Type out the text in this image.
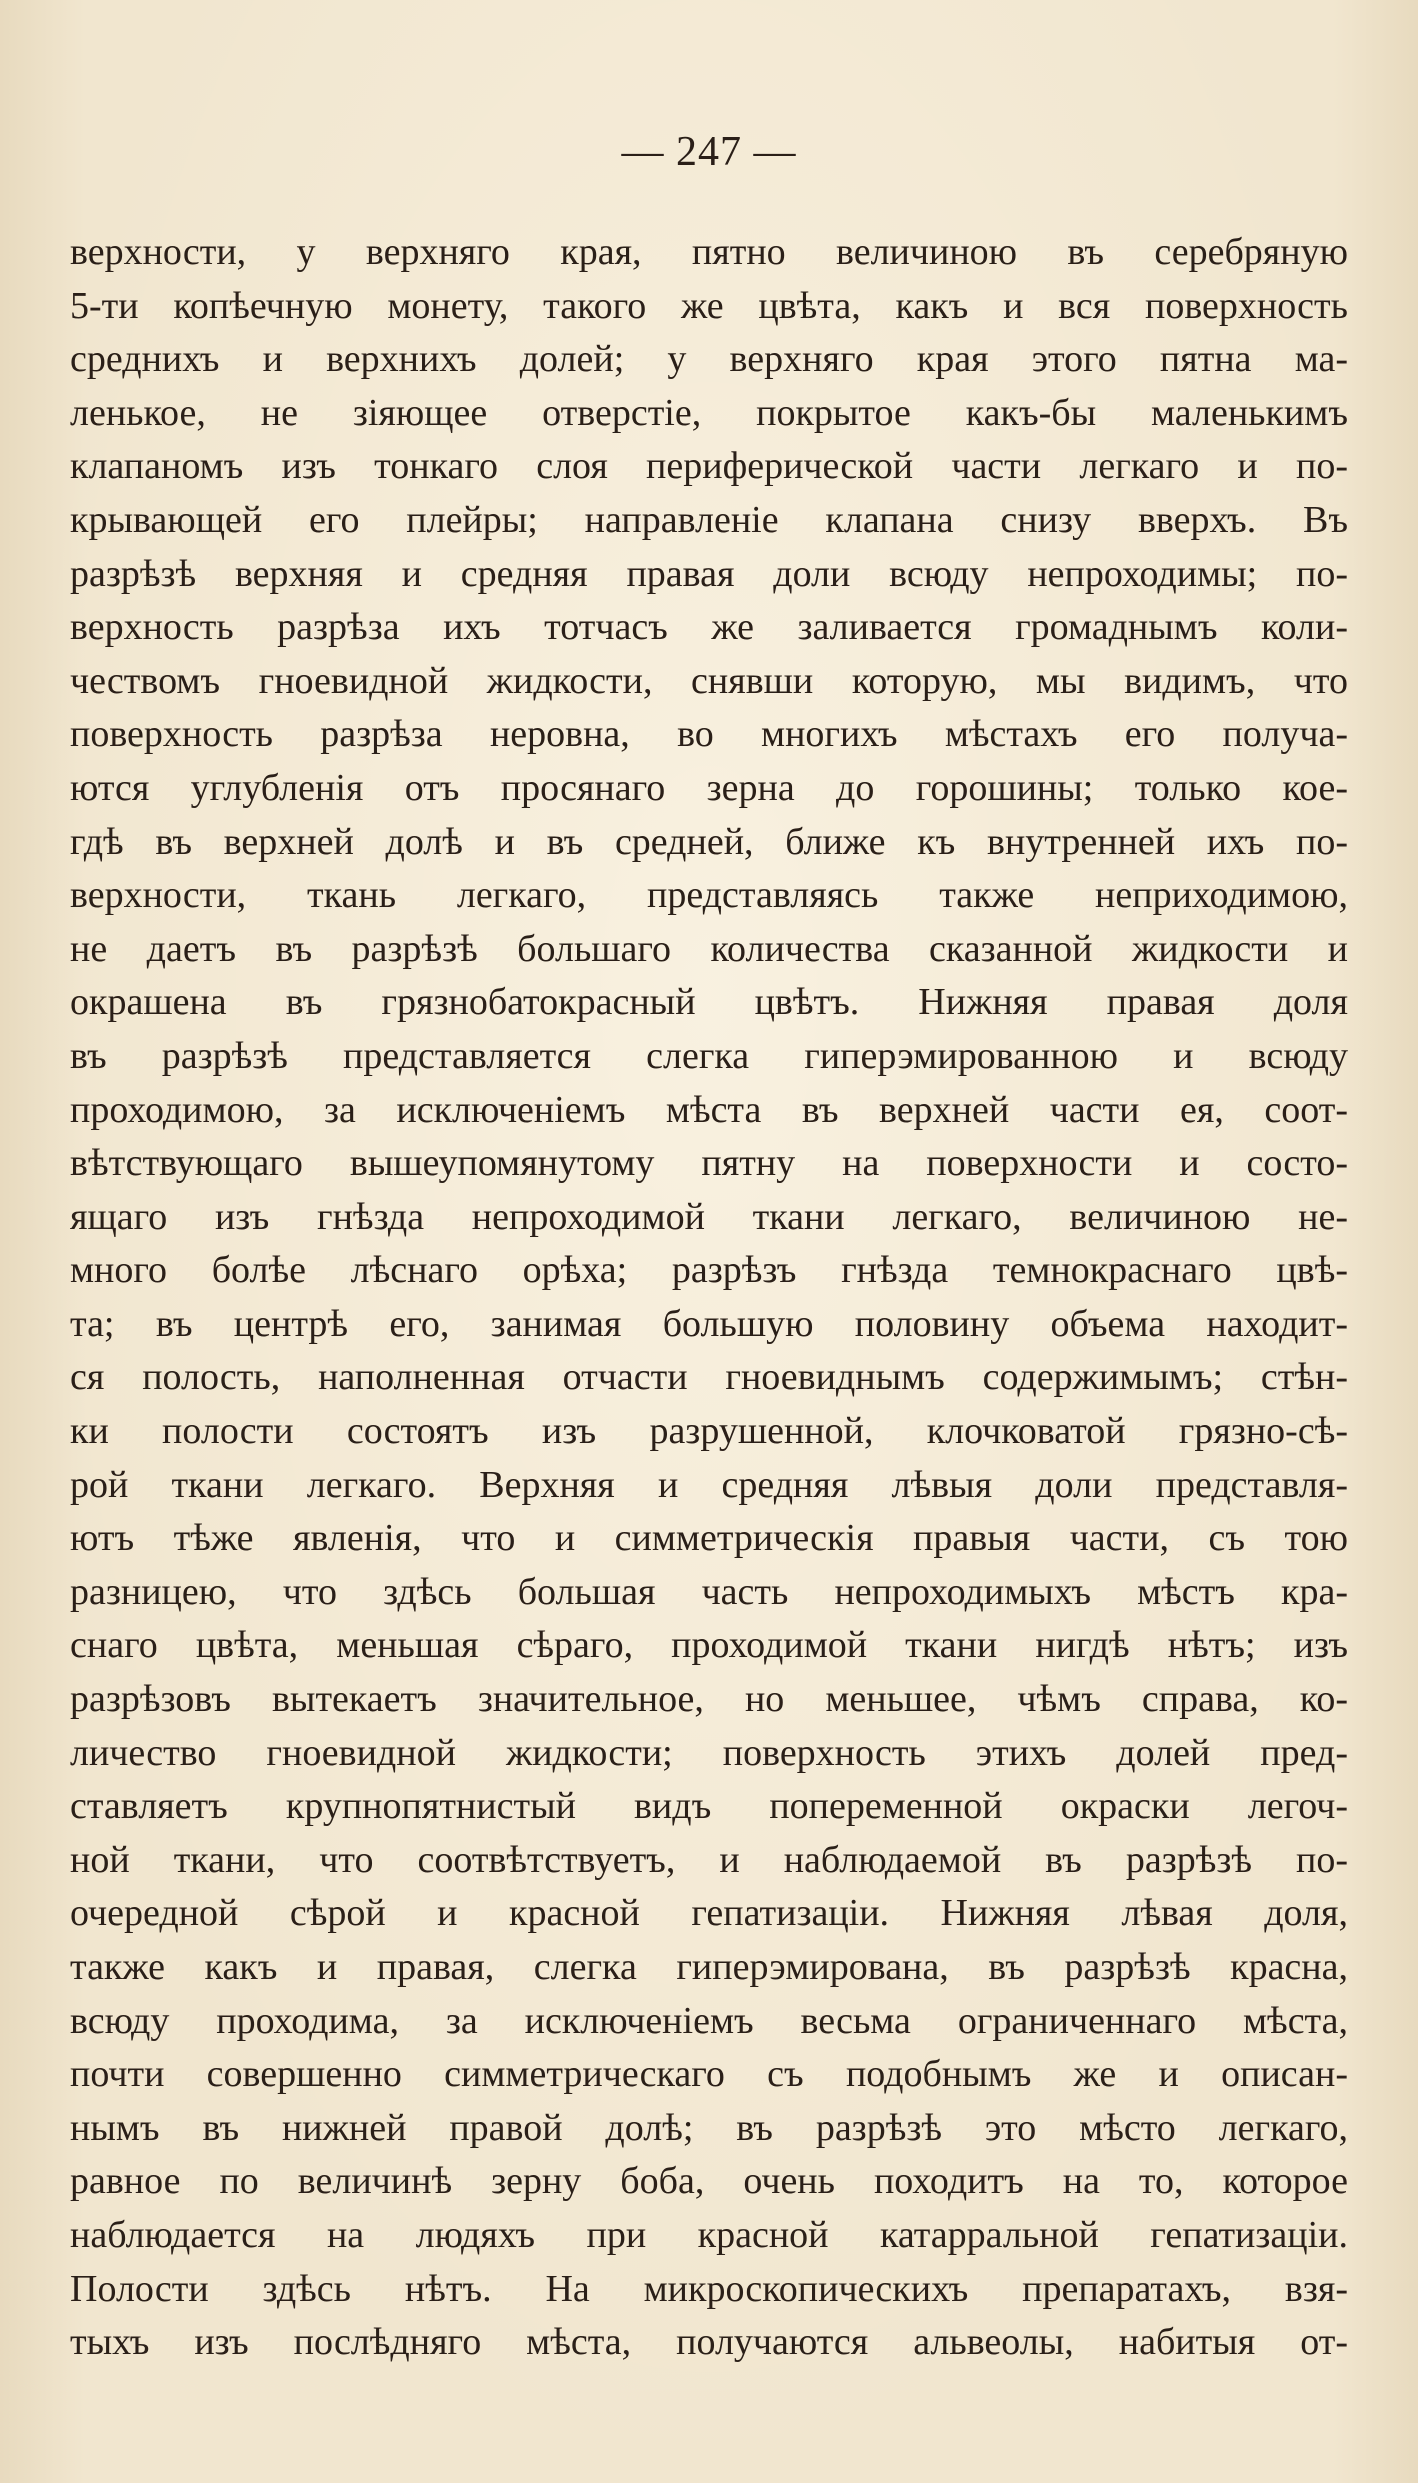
— 247 —
верхности, у верхняго края, пятно величиною въ серебряную
5-ти копѣечную монету, такого же цвѣта, какъ и вся поверхность
среднихъ и верхнихъ долей; у верхняго края этого пятна ма-
ленькое, не зіяющее отверстіе, покрытое какъ-бы маленькимъ
клапаномъ изъ тонкаго слоя периферической части легкаго и по-
крывающей его плейры; направленіе клапана снизу вверхъ. Въ
разрѣзѣ верхняя и средняя правая доли всюду непроходимы; по-
верхность разрѣза ихъ тотчасъ же заливается громаднымъ коли-
чествомъ гноевидной жидкости, снявши которую, мы видимъ, что
поверхность разрѣза неровна, во многихъ мѣстахъ его получа-
ются углубленія отъ просянаго зерна до горошины; только кое-
гдѣ въ верхней долѣ и въ средней, ближе къ внутренней ихъ по-
верхности, ткань легкаго, представляясь также неприходимою,
не даетъ въ разрѣзѣ большаго количества сказанной жидкости и
окрашена въ грязнобатокрасный цвѣтъ. Нижняя правая доля
въ разрѣзѣ представляется слегка гиперэмированною и всюду
проходимою, за исключеніемъ мѣста въ верхней части ея, соот-
вѣтствующаго вышеупомянутому пятну на поверхности и состо-
ящаго изъ гнѣзда непроходимой ткани легкаго, величиною не-
много болѣе лѣснаго орѣха; разрѣзъ гнѣзда темнокраснаго цвѣ-
та; въ центрѣ его, занимая большую половину объема находит-
ся полость, наполненная отчасти гноевиднымъ содержимымъ; стѣн-
ки полости состоятъ изъ разрушенной, клочковатой грязно-сѣ-
рой ткани легкаго. Верхняя и средняя лѣвыя доли представля-
ютъ тѣже явленія, что и симметрическія правыя части, съ тою
разницею, что здѣсь большая часть непроходимыхъ мѣстъ кра-
снаго цвѣта, меньшая сѣраго, проходимой ткани нигдѣ нѣтъ; изъ
разрѣзовъ вытекаетъ значительное, но меньшее, чѣмъ справа, ко-
личество гноевидной жидкости; поверхность этихъ долей пред-
ставляетъ крупнопятнистый видъ попеременной окраски легоч-
ной ткани, что соотвѣтствуетъ, и наблюдаемой въ разрѣзѣ по-
очередной сѣрой и красной гепатизаціи. Нижняя лѣвая доля,
также какъ и правая, слегка гиперэмирована, въ разрѣзѣ красна,
всюду проходима, за исключеніемъ весьма ограниченнаго мѣста,
почти совершенно симметрическаго съ подобнымъ же и описан-
нымъ въ нижней правой долѣ; въ разрѣзѣ это мѣсто легкаго,
равное по величинѣ зерну боба, очень походитъ на то, которое
наблюдается на людяхъ при красной катарральной гепатизаціи.
Полости здѣсь нѣтъ. На микроскопическихъ препаратахъ, взя-
тыхъ изъ послѣдняго мѣста, получаются альвеолы, набитыя от-
